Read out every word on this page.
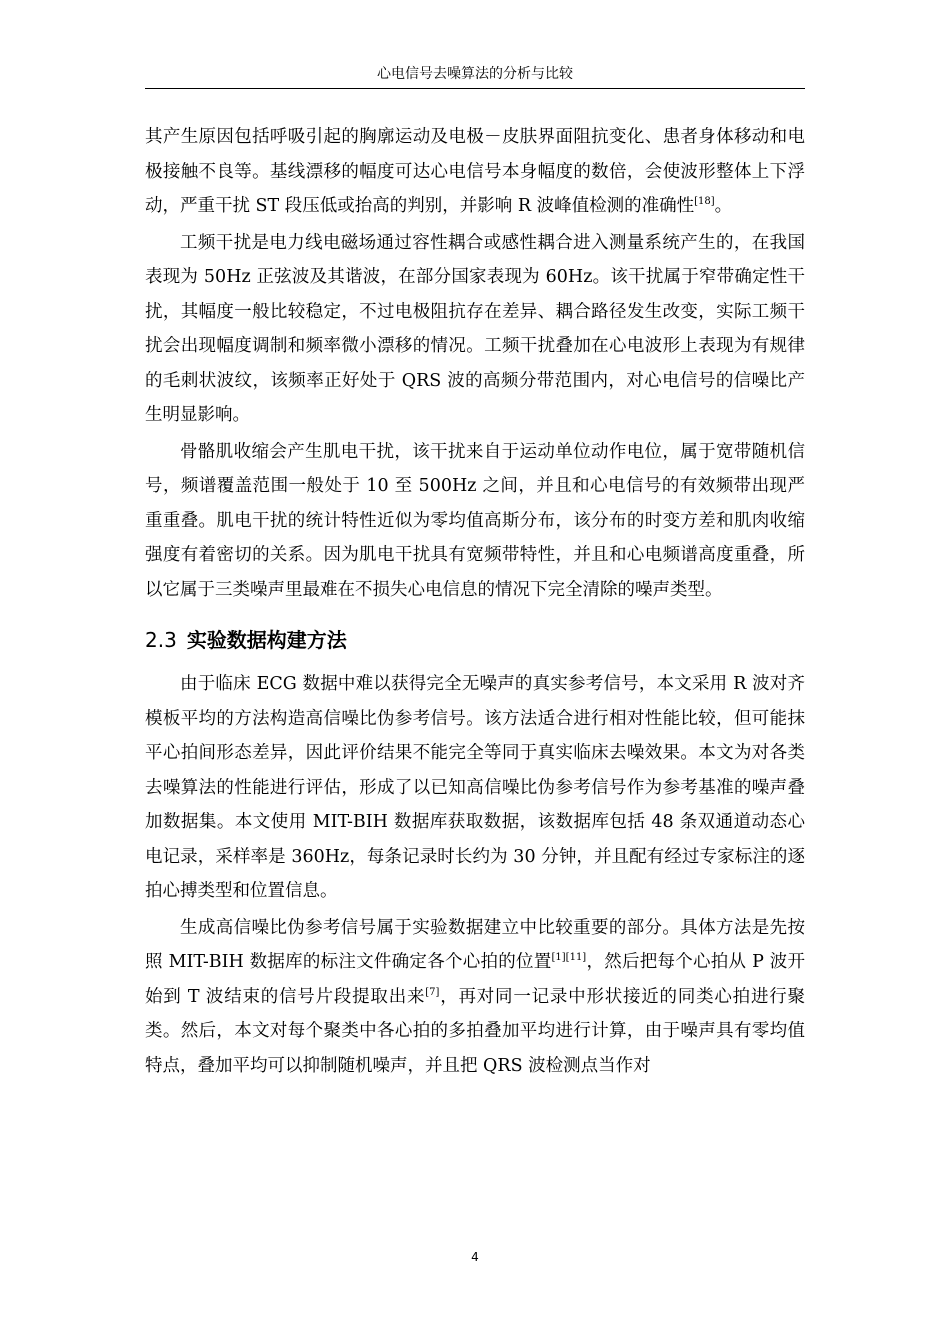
心电信号去噪算法的分析与比较

其产生原因包括呼吸引起的胸廓运动及电极－皮肤界面阻抗变化、患者身体移动和电极接触不良等。基线漂移的幅度可达心电信号本身幅度的数倍，会使波形整体上下浮动，严重干扰 ST 段压低或抬高的判别，并影响 R 波峰值检测的准确性[18]。

工频干扰是电力线电磁场通过容性耦合或感性耦合进入测量系统产生的，在我国表现为 50Hz 正弦波及其谐波，在部分国家表现为 60Hz。该干扰属于窄带确定性干扰，其幅度一般比较稳定，不过电极阻抗存在差异、耦合路径发生改变，实际工频干扰会出现幅度调制和频率微小漂移的情况。工频干扰叠加在心电波形上表现为有规律的毛刺状波纹，该频率正好处于 QRS 波的高频分带范围内，对心电信号的信噪比产生明显影响。

骨骼肌收缩会产生肌电干扰，该干扰来自于运动单位动作电位，属于宽带随机信号，频谱覆盖范围一般处于 10 至 500Hz 之间，并且和心电信号的有效频带出现严重重叠。肌电干扰的统计特性近似为零均值高斯分布，该分布的时变方差和肌肉收缩强度有着密切的关系。因为肌电干扰具有宽频带特性，并且和心电频谱高度重叠，所以它属于三类噪声里最难在不损失心电信息的情况下完全清除的噪声类型。

2.3 实验数据构建方法

由于临床 ECG 数据中难以获得完全无噪声的真实参考信号，本文采用 R 波对齐模板平均的方法构造高信噪比伪参考信号。该方法适合进行相对性能比较，但可能抹平心拍间形态差异，因此评价结果不能完全等同于真实临床去噪效果。本文为对各类去噪算法的性能进行评估，形成了以已知高信噪比伪参考信号作为参考基准的噪声叠加数据集。本文使用 MIT-BIH 数据库获取数据，该数据库包括 48 条双通道动态心电记录，采样率是 360Hz，每条记录时长约为 30 分钟，并且配有经过专家标注的逐拍心搏类型和位置信息。

生成高信噪比伪参考信号属于实验数据建立中比较重要的部分。具体方法是先按照 MIT-BIH 数据库的标注文件确定各个心拍的位置[1][11]，然后把每个心拍从 P 波开始到 T 波结束的信号片段提取出来[7]，再对同一记录中形状接近的同类心拍进行聚类。然后，本文对每个聚类中各心拍的多拍叠加平均进行计算，由于噪声具有零均值特点，叠加平均可以抑制随机噪声，并且把 QRS 波检测点当作对

4
